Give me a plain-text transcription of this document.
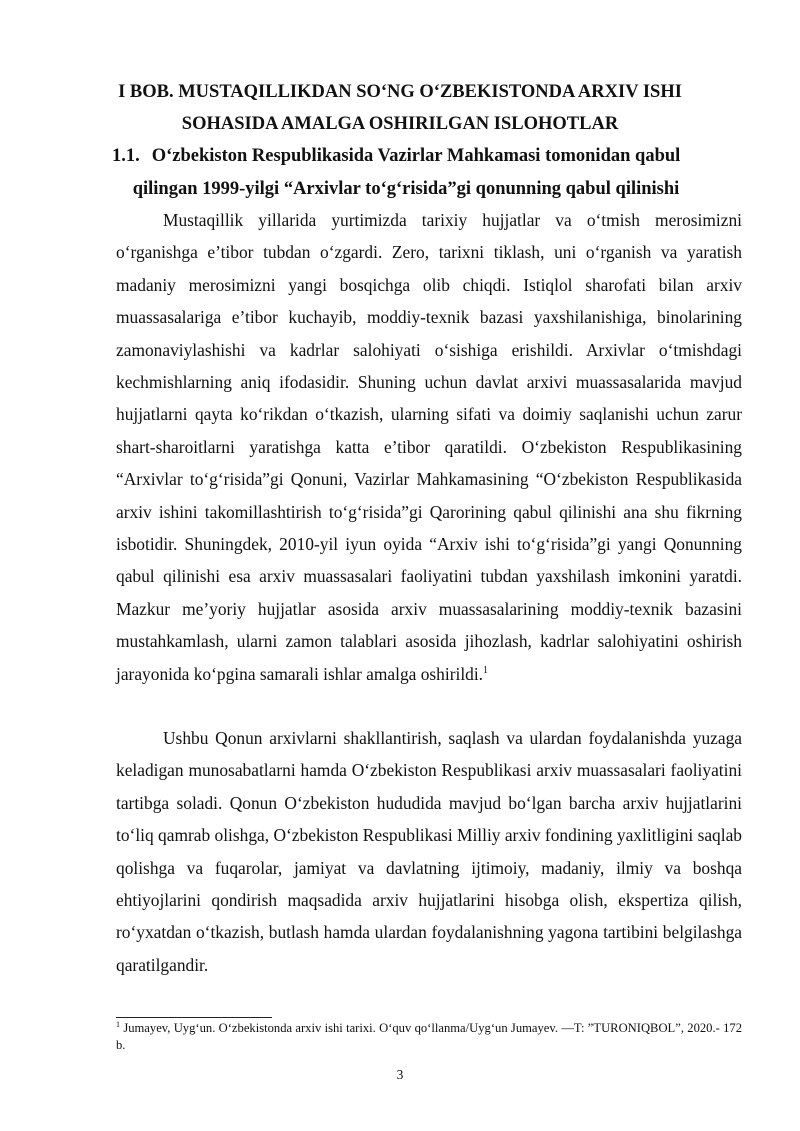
I BOB. MUSTAQILLIKDAN SO‘NG O‘ZBEKISTONDA ARXIV ISHI
SOHASIDA AMALGA OSHIRILGAN ISLOHOTLAR
1.1. O‘zbekiston Respublikasida Vazirlar Mahkamasi tomonidan qabul
qilingan 1999-yilgi “Arxivlar to‘g‘risida”gi qonunning qabul qilinishi

Mustaqillik yillarida yurtimizda tarixiy hujjatlar va o‘tmish merosimizni o‘rganishga e’tibor tubdan o‘zgardi. Zero, tarixni tiklash, uni o‘rganish va yaratish madaniy merosimizni yangi bosqichga olib chiqdi. Istiqlol sharofati bilan arxiv muassasalariga e’tibor kuchayib, moddiy-texnik bazasi yaxshilanishiga, binolarining zamonaviylashishi va kadrlar salohiyati o‘sishiga erishildi. Arxivlar o‘tmishdagi kechmishlarning aniq ifodasidir. Shuning uchun davlat arxivi muassasalarida mavjud hujjatlarni qayta ko‘rikdan o‘tkazish, ularning sifati va doimiy saqlanishi uchun zarur shart-sharoitlarni yaratishga katta e’tibor qaratildi. O‘zbekiston Respublikasining “Arxivlar to‘g‘risida”gi Qonuni, Vazirlar Mahkamasining “O‘zbekiston Respublikasida arxiv ishini takomillashtirish to‘g‘risida”gi Qarorining qabul qilinishi ana shu fikrning isbotidir. Shuningdek, 2010-yil iyun oyida “Arxiv ishi to‘g‘risida”gi yangi Qonunning qabul qilinishi esa arxiv muassasalari faoliyatini tubdan yaxshilash imkonini yaratdi. Mazkur me’yoriy hujjatlar asosida arxiv muassasalarining moddiy-texnik bazasini mustahkamlash, ularni zamon talablari asosida jihozlash, kadrlar salohiyatini oshirish jarayonida ko‘pgina samarali ishlar amalga oshirildi.$^1$

Ushbu Qonun arxivlarni shakllantirish, saqlash va ulardan foydalanishda yuzaga keladigan munosabatlarni hamda O‘zbekiston Respublikasi arxiv muassasalari faoliyatini tartibga soladi. Qonun O‘zbekiston hududida mavjud bo‘lgan barcha arxiv hujjatlarini to‘liq qamrab olishga, O‘zbekiston Respublikasi Milliy arxiv fondining yaxlitligini saqlab qolishga va fuqarolar, jamiyat va davlatning ijtimoiy, madaniy, ilmiy va boshqa ehtiyojlarini qondirish maqsadida arxiv hujjatlarini hisobga olish, ekspertiza qilish, ro‘yxatdan o‘tkazish, butlash hamda ulardan foydalanishning yagona tartibini belgilashga qaratilgandir.

$^1$ Jumayev, Uyg‘un. O‘zbekistonda arxiv ishi tarixi. O‘quv qo‘llanma/Uyg‘un Jumayev. —T: ”TURONIQBOL”, 2020.- 172 b.
3
